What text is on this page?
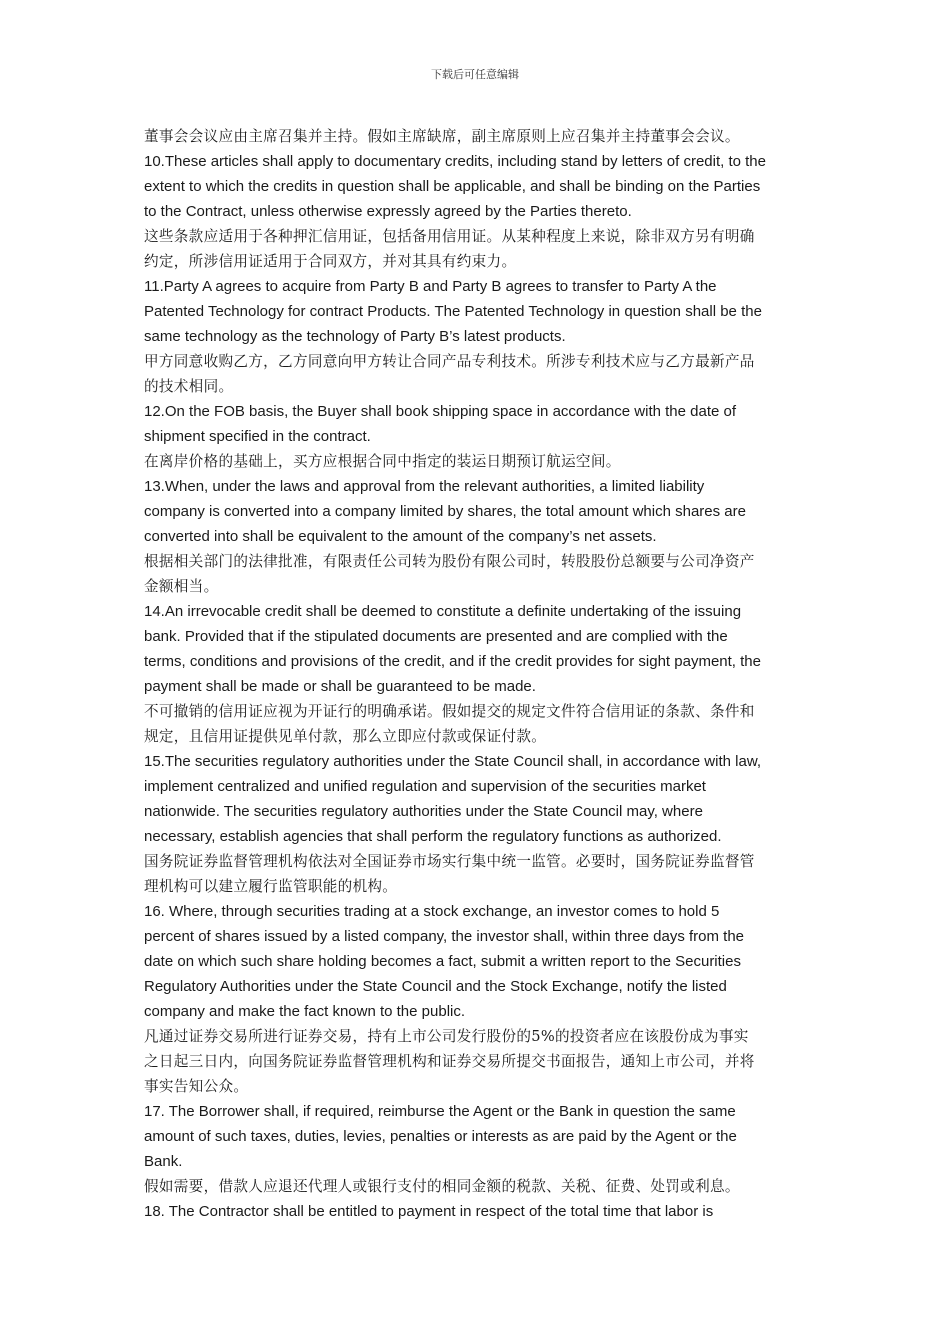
下载后可任意编辑
董事会会议应由主席召集并主持。假如主席缺席，副主席原则上应召集并主持董事会会议。
10.These articles shall apply to documentary credits, including stand by letters of credit, to the
extent to which the credits in question shall be applicable, and shall be binding on the Parties
to the Contract, unless otherwise expressly agreed by the Parties thereto.
这些条款应适用于各种押汇信用证，包括备用信用证。从某种程度上来说，除非双方另有明确
约定，所涉信用证适用于合同双方，并对其具有约束力。
11.Party A agrees to acquire from Party B and Party B agrees to transfer to Party A the
Patented Technology for contract Products. The Patented Technology in question shall be the
same technology as the technology of Party B’s latest products.
甲方同意收购乙方，乙方同意向甲方转让合同产品专利技术。所涉专利技术应与乙方最新产品
的技术相同。
12.On the FOB basis, the Buyer shall book shipping space in accordance with the date of
shipment specified in the contract.
在离岸价格的基础上，买方应根据合同中指定的装运日期预订航运空间。
13.When, under the laws and approval from the relevant authorities, a limited liability
company is converted into a company limited by shares, the total amount which shares are
converted into shall be equivalent to the amount of the company’s net assets.
根据相关部门的法律批准，有限责任公司转为股份有限公司时，转股股份总额要与公司净资产
金额相当。
14.An irrevocable credit shall be deemed to constitute a definite undertaking of the issuing
bank. Provided that if the stipulated documents are presented and are complied with the
terms, conditions and provisions of the credit, and if the credit provides for sight payment, the
payment shall be made or shall be guaranteed to be made.
不可撤销的信用证应视为开证行的明确承诺。假如提交的规定文件符合信用证的条款、条件和
规定，且信用证提供见单付款，那么立即应付款或保证付款。
15.The securities regulatory authorities under the State Council shall, in accordance with law,
implement centralized and unified regulation and supervision of the securities market
nationwide. The securities regulatory authorities under the State Council may, where
necessary, establish agencies that shall perform the regulatory functions as authorized.
国务院证券监督管理机构依法对全国证券市场实行集中统一监管。必要时，国务院证券监督管
理机构可以建立履行监管职能的机构。
16. Where, through securities trading at a stock exchange, an investor comes to hold 5
percent of shares issued by a listed company, the investor shall, within three days from the
date on which such share holding becomes a fact, submit a written report to the Securities
Regulatory Authorities under the State Council and the Stock Exchange, notify the listed
company and make the fact known to the public.
凡通过证券交易所进行证券交易，持有上市公司发行股份的5%的投资者应在该股份成为事实
之日起三日内，向国务院证券监督管理机构和证券交易所提交书面报告，通知上市公司，并将
事实告知公众。
17. The Borrower shall, if required, reimburse the Agent or the Bank in question the same
amount of such taxes, duties, levies, penalties or interests as are paid by the Agent or the
Bank.
假如需要，借款人应退还代理人或银行支付的相同金额的税款、关税、征费、处罚或利息。
18. The Contractor shall be entitled to payment in respect of the total time that labor is
